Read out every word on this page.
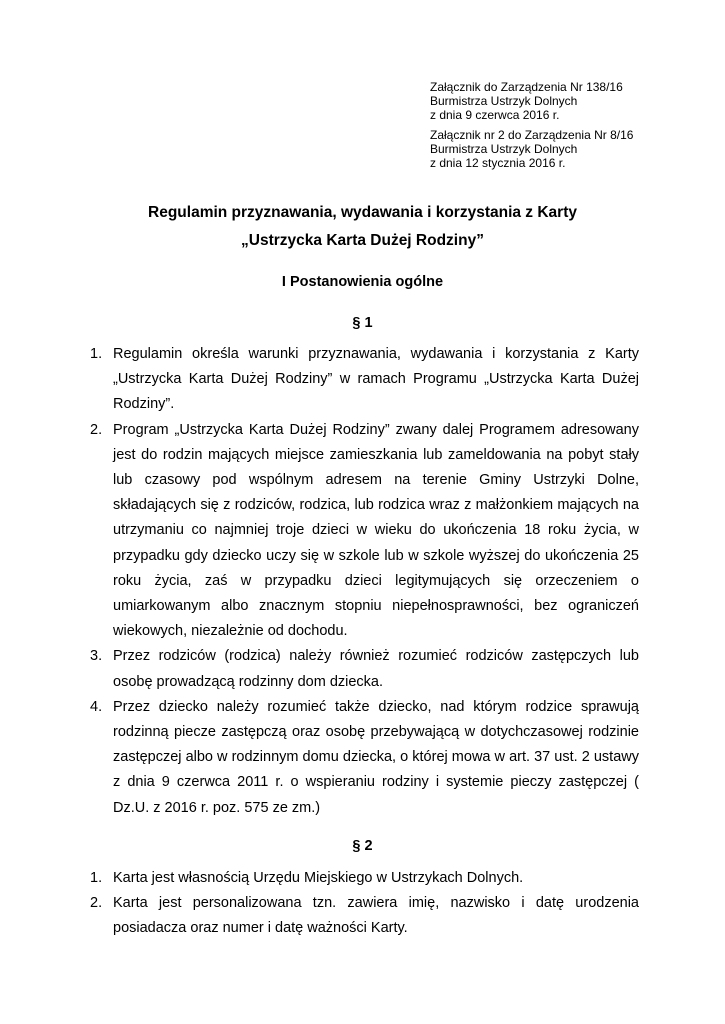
Załącznik do Zarządzenia Nr 138/16
Burmistrza Ustrzyk Dolnych
z dnia 9 czerwca 2016 r.
Załącznik nr 2 do Zarządzenia Nr 8/16
Burmistrza Ustrzyk Dolnych
z dnia 12 stycznia 2016 r.
Regulamin przyznawania, wydawania i korzystania z Karty
„Ustrzycka Karta Dużej Rodziny”
I Postanowienia ogólne
§ 1
1. Regulamin określa warunki przyznawania, wydawania i korzystania z Karty „Ustrzycka Karta Dużej Rodziny” w ramach Programu „Ustrzycka Karta Dużej Rodziny”.
2. Program „Ustrzycka Karta Dużej Rodziny” zwany dalej Programem adresowany jest do rodzin mających miejsce zamieszkania lub zameldowania na pobyt stały lub czasowy pod wspólnym adresem na terenie Gminy Ustrzyki Dolne, składających się z rodziców, rodzica, lub rodzica wraz z małżonkiem mających na utrzymaniu co najmniej troje dzieci w wieku do ukończenia 18 roku życia, w przypadku gdy dziecko uczy się w szkole lub w szkole wyższej do ukończenia 25 roku życia, zaś w przypadku dzieci legitymujących się orzeczeniem o umiarkowanym albo znacznym stopniu niepełnosprawności, bez ograniczeń wiekowych, niezależnie od dochodu.
3. Przez rodziców (rodzica) należy również rozumieć rodziców zastępczych lub osobę prowadzącą rodzinny dom dziecka.
4. Przez dziecko należy rozumieć także dziecko, nad którym rodzice sprawują rodzinną piecze zastępczą oraz osobę przebywającą w dotychczasowej rodzinie zastępczej albo w rodzinnym domu dziecka, o której mowa w art. 37 ust. 2 ustawy z dnia 9 czerwca 2011 r. o wspieraniu rodziny i systemie pieczy zastępczej ( Dz.U. z 2016 r. poz. 575 ze zm.)
§ 2
1. Karta jest własnością Urzędu Miejskiego w Ustrzykach Dolnych.
2. Karta jest personalizowana tzn. zawiera imię, nazwisko i datę urodzenia posiadacza oraz numer i datę ważności Karty.
